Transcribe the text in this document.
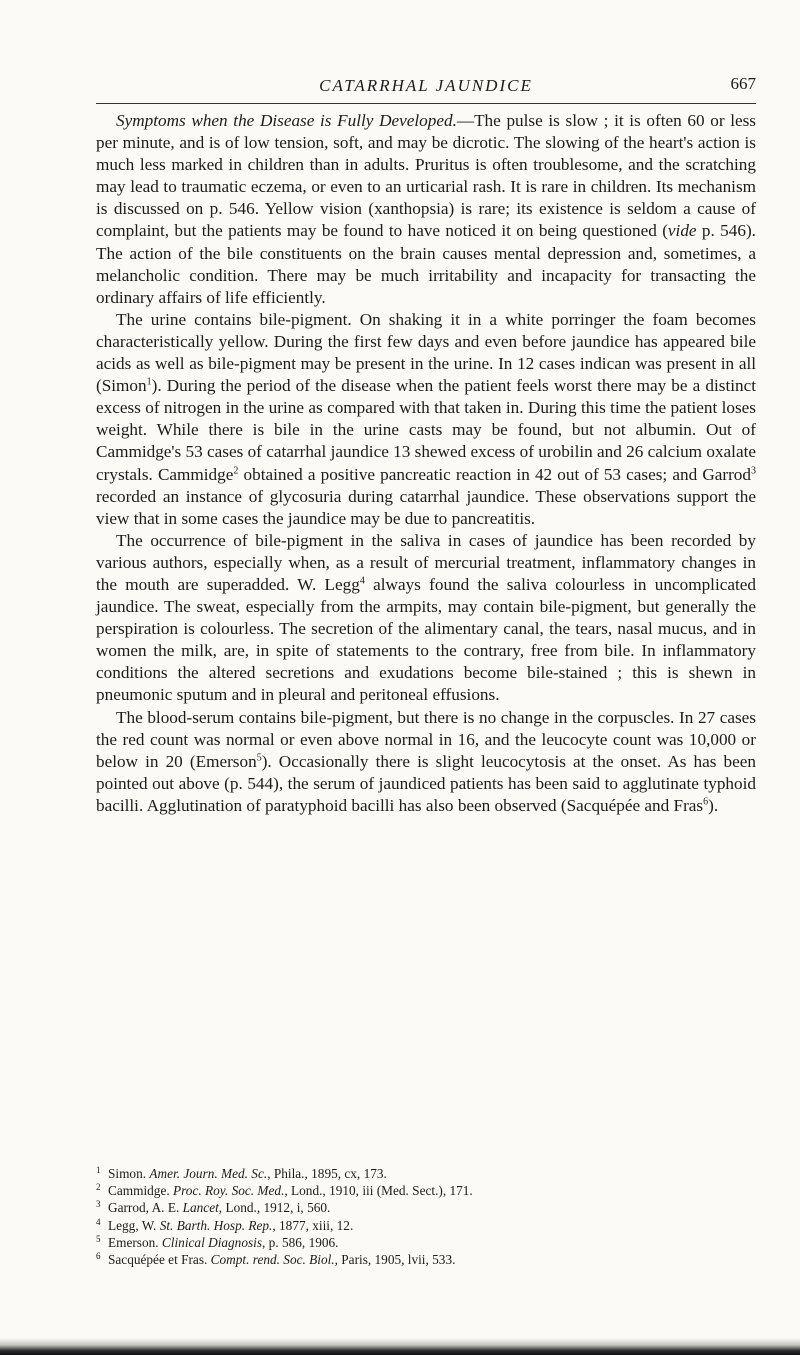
CATARRHAL JAUNDICE	667

Symptoms when the Disease is Fully Developed.—The pulse is slow ; it is often 60 or less per minute, and is of low tension, soft, and may be dicrotic. The slowing of the heart's action is much less marked in children than in adults. Pruritus is often troublesome, and the scratching may lead to traumatic eczema, or even to an urticarial rash. It is rare in children. Its mechanism is discussed on p. 546. Yellow vision (xanthopsia) is rare; its existence is seldom a cause of complaint, but the patients may be found to have noticed it on being questioned (vide p. 546). The action of the bile constituents on the brain causes mental depression and, sometimes, a melancholic condition. There may be much irritability and incapacity for transacting the ordinary affairs of life efficiently.

The urine contains bile-pigment. On shaking it in a white porringer the foam becomes characteristically yellow. During the first few days and even before jaundice has appeared bile acids as well as bile-pigment may be present in the urine. In 12 cases indican was present in all (Simon$^1$). During the period of the disease when the patient feels worst there may be a distinct excess of nitrogen in the urine as compared with that taken in. During this time the patient loses weight. While there is bile in the urine casts may be found, but not albumin. Out of Cammidge's 53 cases of catarrhal jaundice 13 shewed excess of urobilin and 26 calcium oxalate crystals. Cammidge$^2$ obtained a positive pancreatic reaction in 42 out of 53 cases; and Garrod$^3$ recorded an instance of glycosuria during catarrhal jaundice. These observations support the view that in some cases the jaundice may be due to pancreatitis.

The occurrence of bile-pigment in the saliva in cases of jaundice has been recorded by various authors, especially when, as a result of mercurial treatment, inflammatory changes in the mouth are superadded. W. Legg$^4$ always found the saliva colourless in uncomplicated jaundice. The sweat, especially from the armpits, may contain bile-pigment, but generally the perspiration is colourless. The secretion of the alimentary canal, the tears, nasal mucus, and in women the milk, are, in spite of statements to the contrary, free from bile. In inflammatory conditions the altered secretions and exudations become bile-stained ; this is shewn in pneumonic sputum and in pleural and peritoneal effusions.

The blood-serum contains bile-pigment, but there is no change in the corpuscles. In 27 cases the red count was normal or even above normal in 16, and the leucocyte count was 10,000 or below in 20 (Emerson$^5$). Occasionally there is slight leucocytosis at the onset. As has been pointed out above (p. 544), the serum of jaundiced patients has been said to agglutinate typhoid bacilli. Agglutination of paratyphoid bacilli has also been observed (Sacquépée and Fras$^6$).

1 Simon. Amer. Journ. Med. Sc., Phila., 1895, cx, 173.
2 Cammidge. Proc. Roy. Soc. Med., Lond., 1910, iii (Med. Sect.), 171.
3 Garrod, A. E. Lancet, Lond., 1912, i, 560.
4 Legg, W. St. Barth. Hosp. Rep., 1877, xiii, 12.
5 Emerson. Clinical Diagnosis, p. 586, 1906.
6 Sacquépée et Fras. Compt. rend. Soc. Biol., Paris, 1905, lvii, 533.
